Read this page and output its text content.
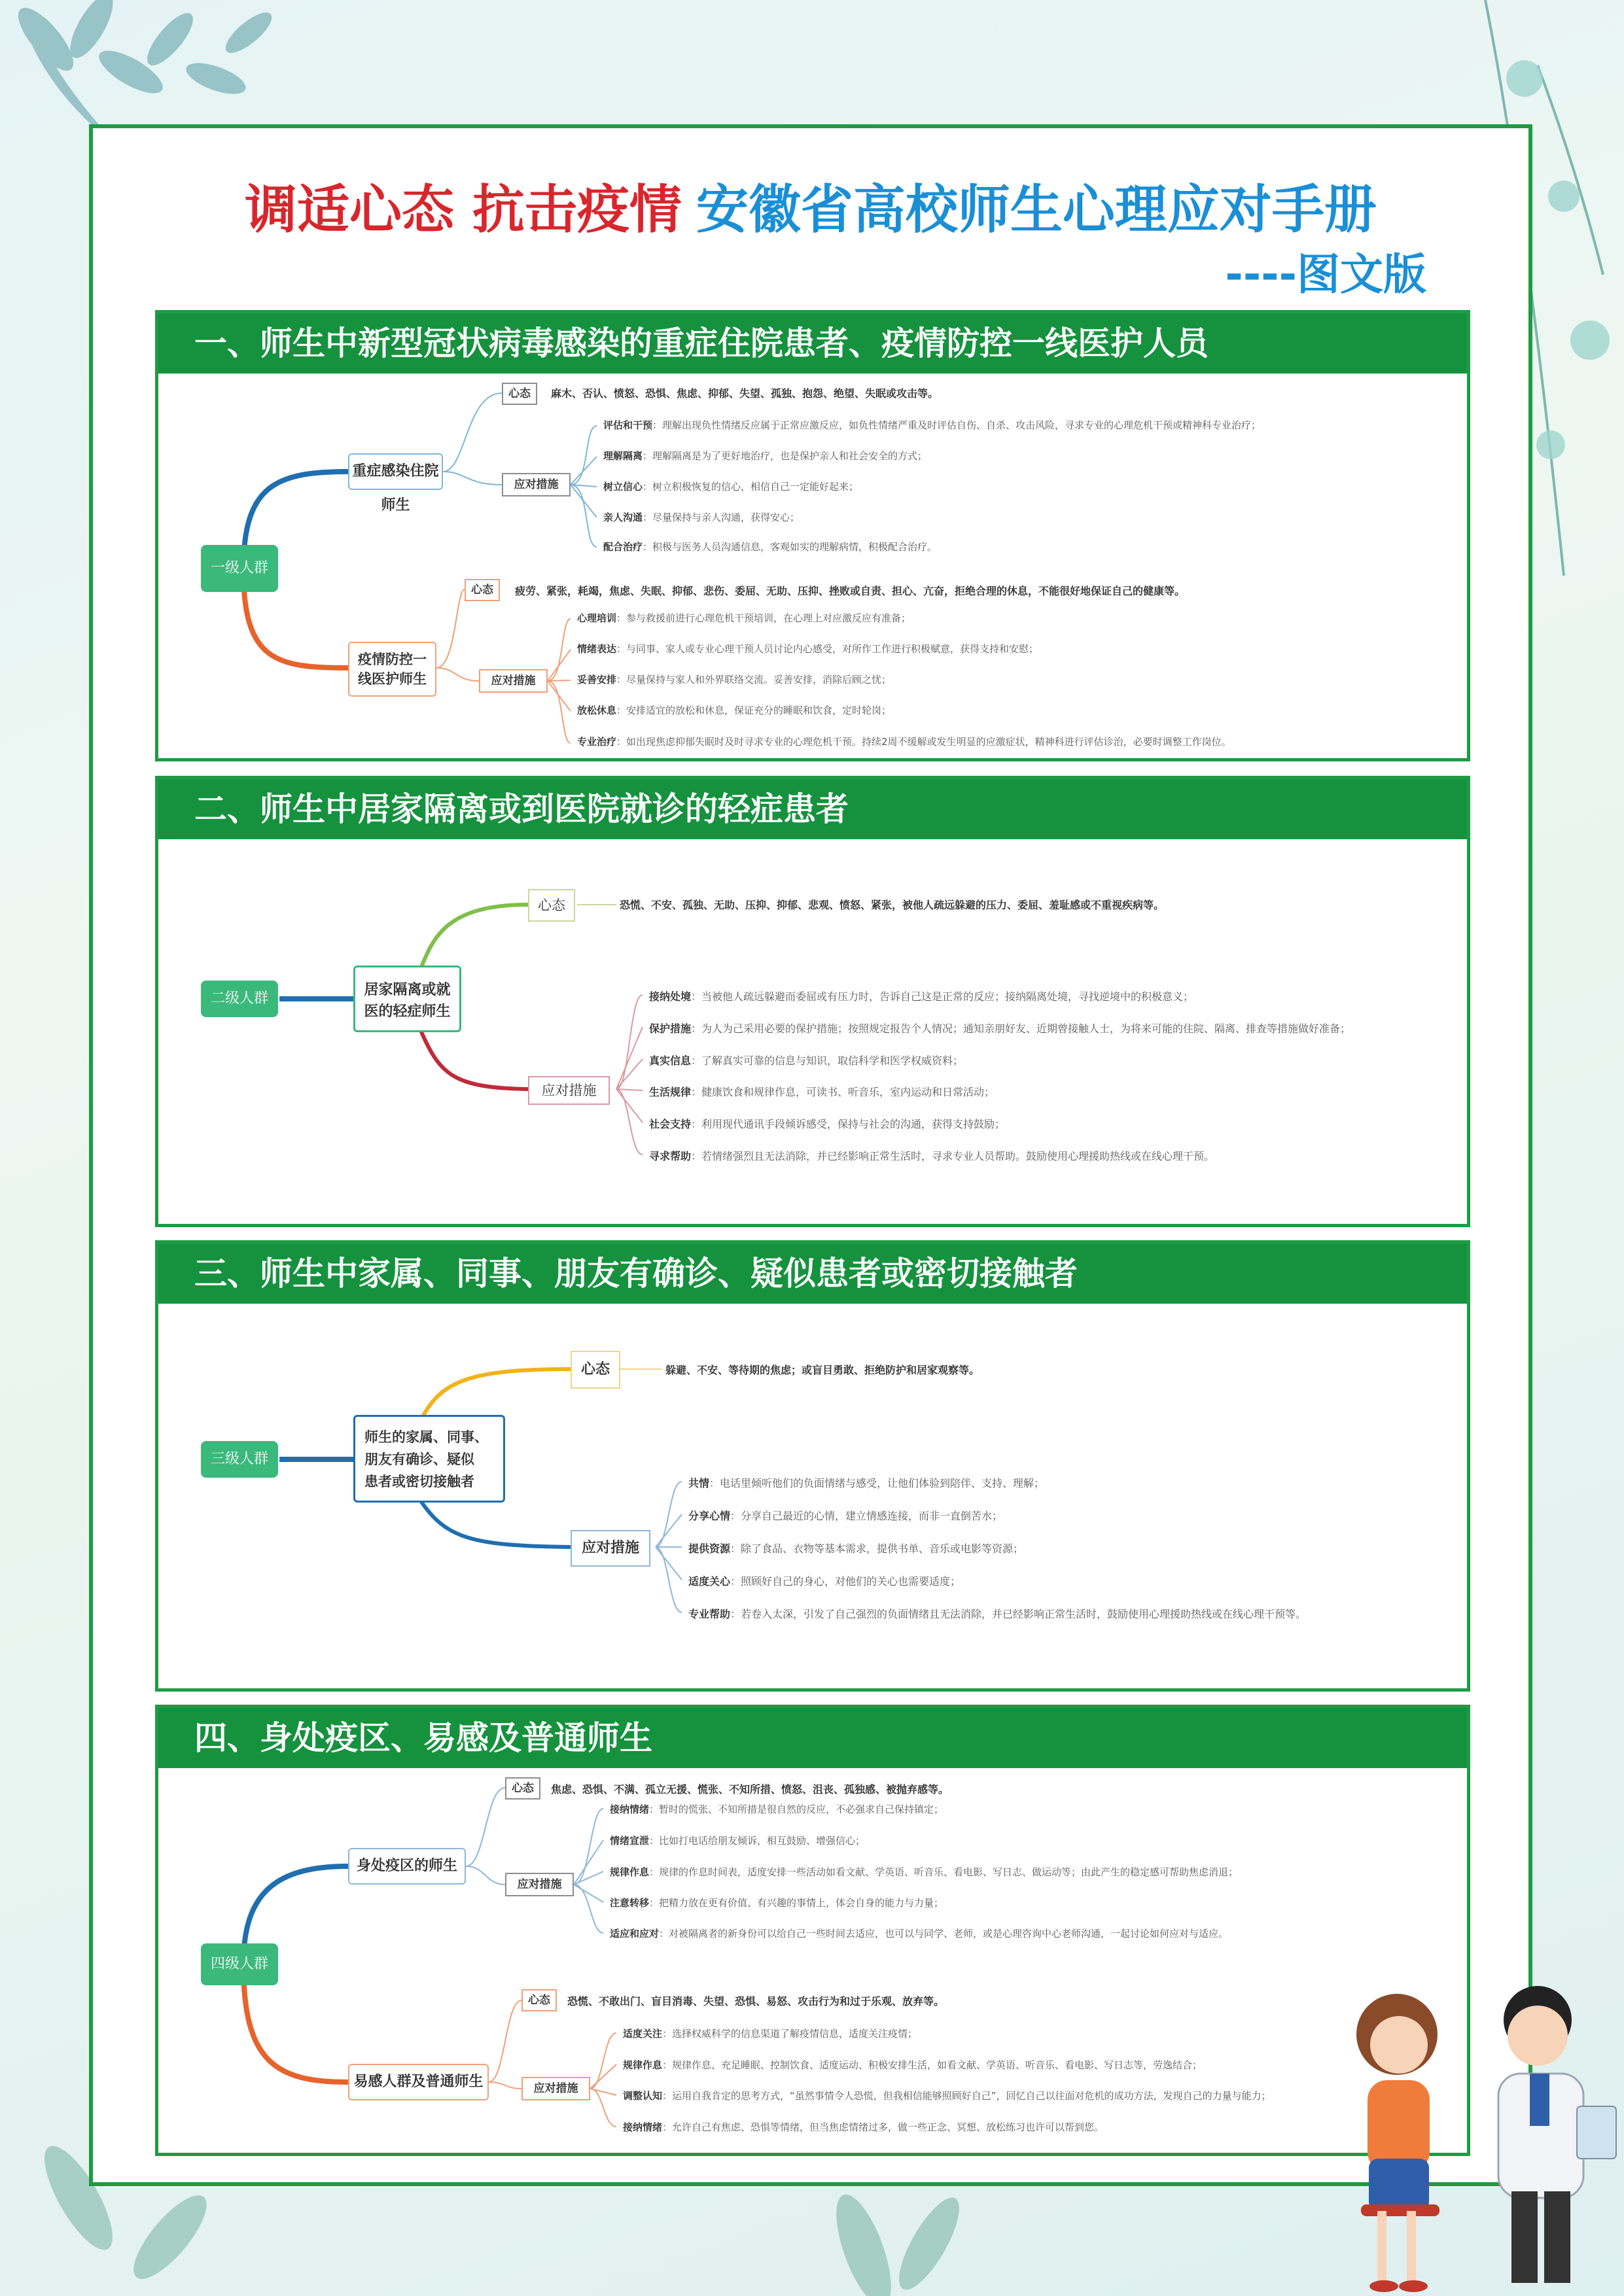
调适心态 抗击疫情 安徽省高校师生心理应对手册
----图文版
一、师生中新型冠状病毒感染的重症住院患者、疫情防控一线医护人员
一级人群
重症感染住院师生
心态	麻木、否认、愤怒、恐惧、焦虑、抑郁、失望、孤独、抱怨、绝望、失眠或攻击等。
应对措施
评估和干预：理解出现负性情绪反应属于正常应激反应，如负性情绪严重及时评估自伤、自杀、攻击风险，寻求专业的心理危机干预或精神科专业治疗；
理解隔离：理解隔离是为了更好地治疗，也是保护亲人和社会安全的方式；
树立信心：树立积极恢复的信心，相信自己一定能好起来；
亲人沟通：尽量保持与亲人沟通，获得安心；
配合治疗：积极与医务人员沟通信息，客观如实的理解病情，积极配合治疗。
疫情防控一
线医护师生
心态	疲劳、紧张，耗竭，焦虑、失眠、抑郁、悲伤、委屈、无助、压抑、挫败或自责、担心、亢奋，拒绝合理的休息，不能很好地保证自己的健康等。
应对措施
心理培训：参与救援前进行心理危机干预培训，在心理上对应激反应有准备；
情绪表达：与同事、家人或专业心理干预人员讨论内心感受，对所作工作进行积极赋意，获得支持和安慰；
妥善安排：尽量保持与家人和外界联络交流。妥善安排，消除后顾之忧；
放松休息：安排适宜的放松和休息，保证充分的睡眠和饮食，定时轮岗；
专业治疗：如出现焦虑抑郁失眠时及时寻求专业的心理危机干预。持续2周不缓解或发生明显的应激症状，精神科进行评估诊治，必要时调整工作岗位。
二、师生中居家隔离或到医院就诊的轻症患者
二级人群
居家隔离或就
医的轻症师生
心态	恐慌、不安、孤独、无助、压抑、抑郁、悲观、愤怒、紧张，被他人疏远躲避的压力、委屈、羞耻感或不重视疾病等。
应对措施
接纳处境：当被他人疏远躲避而委屈或有压力时，告诉自己这是正常的反应；接纳隔离处境，寻找逆境中的积极意义；
保护措施：为人为己采用必要的保护措施；按照规定报告个人情况；通知亲朋好友、近期曾接触人士，为将来可能的住院、隔离、排查等措施做好准备；
真实信息：了解真实可靠的信息与知识，取信科学和医学权威资料；
生活规律：健康饮食和规律作息，可读书、听音乐，室内运动和日常活动；
社会支持：利用现代通讯手段倾诉感受，保持与社会的沟通，获得支持鼓励；
寻求帮助：若情绪强烈且无法消除，并已经影响正常生活时，寻求专业人员帮助。鼓励使用心理援助热线或在线心理干预。
三、师生中家属、同事、朋友有确诊、疑似患者或密切接触者
三级人群
师生的家属、同事、
朋友有确诊、疑似
患者或密切接触者
心态	躲避、不安、等待期的焦虑；或盲目勇敢、拒绝防护和居家观察等。
应对措施
共情：电话里倾听他们的负面情绪与感受，让他们体验到陪伴、支持、理解；
分享心情：分享自己最近的心情，建立情感连接，而非一直倒苦水；
提供资源：除了食品、衣物等基本需求，提供书单、音乐或电影等资源；
适度关心：照顾好自己的身心，对他们的关心也需要适度；
专业帮助：若卷入太深，引发了自己强烈的负面情绪且无法消除，并已经影响正常生活时，鼓励使用心理援助热线或在线心理干预等。
四、身处疫区、易感及普通师生
四级人群
身处疫区的师生
心态	焦虑、恐惧、不满、孤立无援、慌张、不知所措、愤怒、沮丧、孤独感、被抛弃感等。
应对措施
接纳情绪：暂时的慌张、不知所措是很自然的反应，不必强求自己保持镇定；
情绪宣泄：比如打电话给朋友倾诉，相互鼓励、增强信心；
规律作息：规律的作息时间表，适度安排一些活动如看文献、学英语、听音乐、看电影、写日志、做运动等；由此产生的稳定感可帮助焦虑消退；
注意转移：把精力放在更有价值、有兴趣的事情上，体会自身的能力与力量；
适应和应对：对被隔离者的新身份可以给自己一些时间去适应，也可以与同学、老师，或是心理咨询中心老师沟通，一起讨论如何应对与适应。
易感人群及普通师生
心态	恐慌、不敢出门、盲目消毒、失望、恐惧、易怒、攻击行为和过于乐观、放弃等。
应对措施
适度关注：选择权威科学的信息渠道了解疫情信息，适度关注疫情；
规律作息：规律作息、充足睡眠、控制饮食、适度运动、积极安排生活，如看文献、学英语、听音乐、看电影、写日志等，劳逸结合；
调整认知：运用自我肯定的思考方式，“虽然事情令人恐慌，但我相信能够照顾好自己”，回忆自己以往面对危机的成功方法，发现自己的力量与能力；
接纳情绪：允许自己有焦虑、恐惧等情绪，但当焦虑情绪过多，做一些正念、冥想、放松练习也许可以帮到您。
